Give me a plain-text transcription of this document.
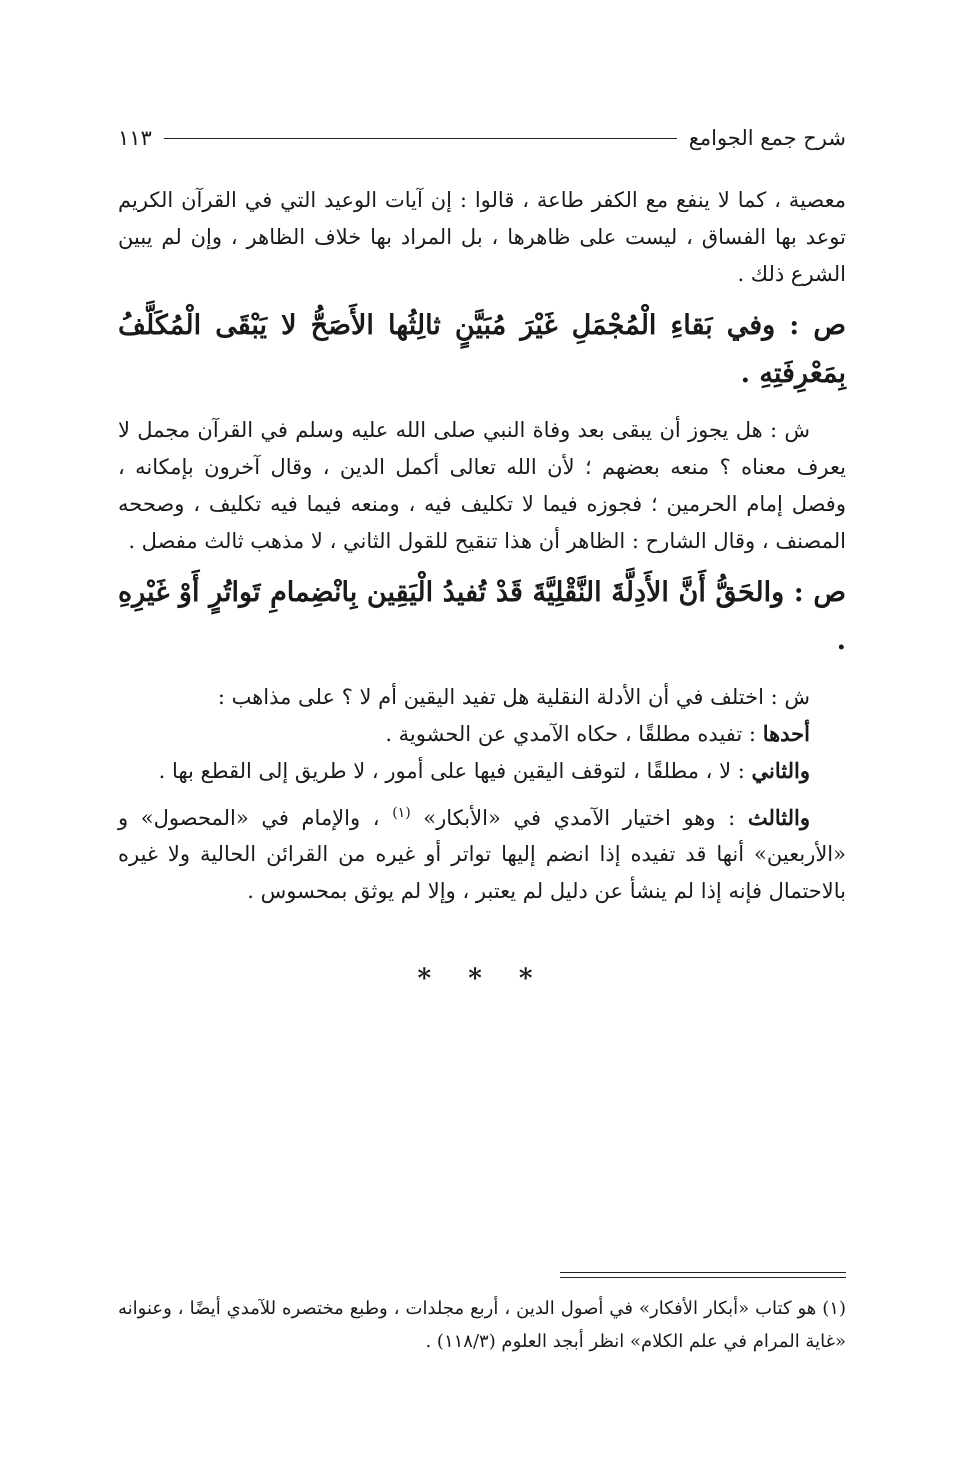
شرح جمع الجوامع
١١٣

معصية ، كما لا ينفع مع الكفر طاعة ، قالوا : إن آيات الوعيد التي في القرآن الكريم توعد بها الفساق ، ليست على ظاهرها ، بل المراد بها خلاف الظاهر ، وإن لم يبين الشرع ذلك .

ص : وفي بَقاءِ الْمُجْمَلِ غَيْرَ مُبَيَّنٍ ثالِثُها الأَصَحُّ لا يَبْقَى الْمُكَلَّفُ بِمَعْرِفَتِهِ .

ش : هل يجوز أن يبقى بعد وفاة النبي صلى الله عليه وسلم في القرآن مجمل لا يعرف معناه ؟ منعه بعضهم ؛ لأن الله تعالى أكمل الدين ، وقال آخرون بإمكانه ، وفصل إمام الحرمين ؛ فجوزه فيما لا تكليف فيه ، ومنعه فيما فيه تكليف ، وصححه المصنف ، وقال الشارح : الظاهر أن هذا تنقيح للقول الثاني ، لا مذهب ثالث مفصل .

ص : والحَقُّ أَنَّ الأَدِلَّةَ النَّقْلِيَّةَ قَدْ تُفيدُ الْيَقِين بِانْضِمامِ تَواتُرٍ أَوْ غَيْرِهِ .

ش : اختلف في أن الأدلة النقلية هل تفيد اليقين أم لا ؟ على مذاهب :

أحدها : تفيده مطلقًا ، حكاه الآمدي عن الحشوية .

والثاني : لا ، مطلقًا ، لتوقف اليقين فيها على أمور ، لا طريق إلى القطع بها .

والثالث : وهو اختيار الآمدي في «الأبكار» $^{(١)}$ ، والإمام في «المحصول» و «الأربعين» أنها قد تفيده إذا انضم إليها تواتر أو غيره من القرائن الحالية ولا غيره بالاحتمال فإنه إذا لم ينشأ عن دليل لم يعتبر ، وإلا لم يوثق بمحسوس .

* * *

(١) هو كتاب «أبكار الأفكار» في أصول الدين ، أربع مجلدات ، وطبع مختصره للآمدي أيضًا ، وعنوانه «غاية المرام في علم الكلام» انظر أبجد العلوم (١١٨/٣) .
